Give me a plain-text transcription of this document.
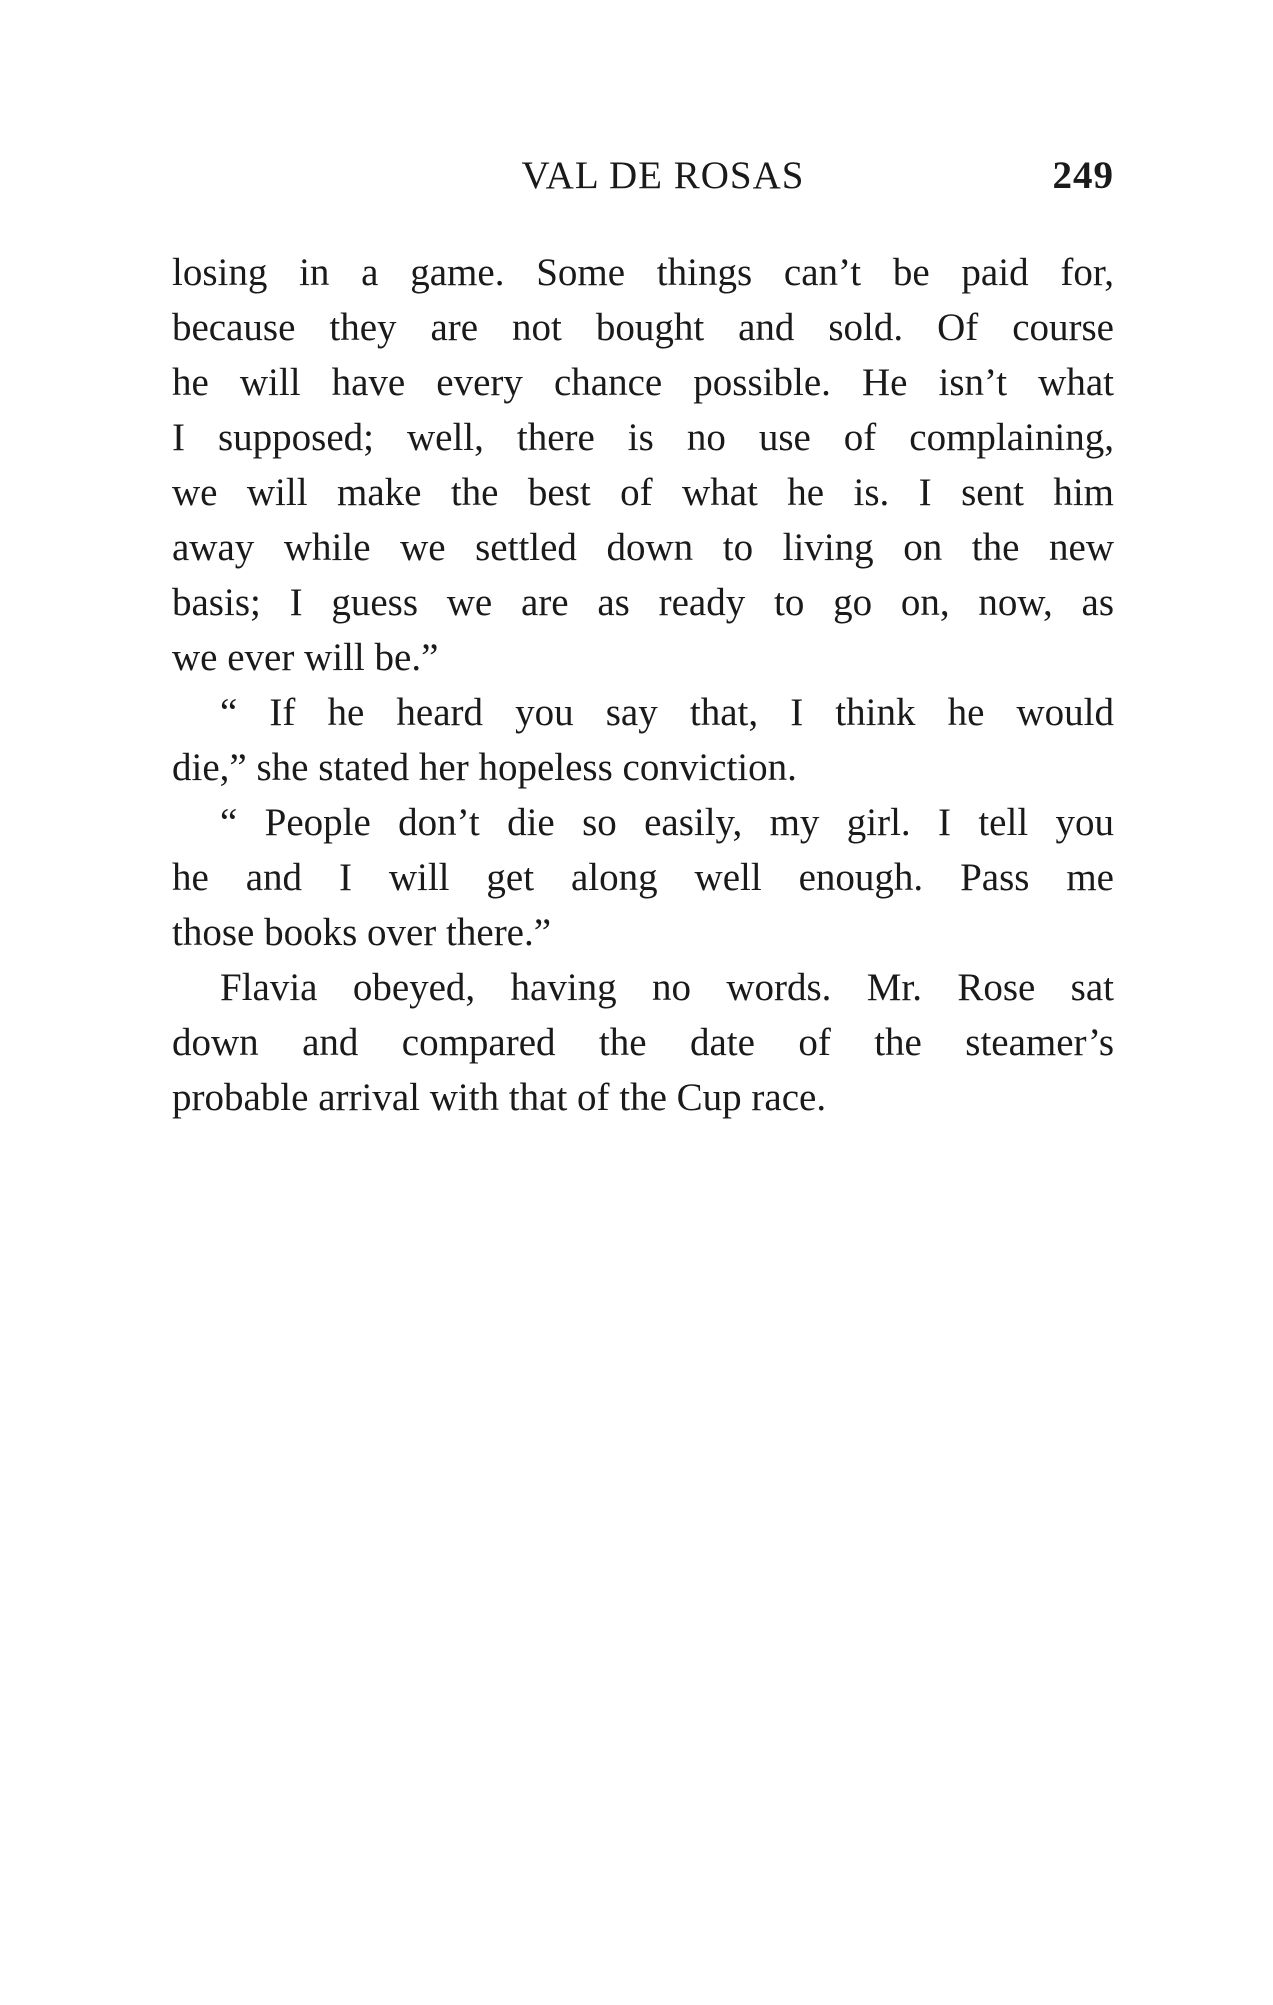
VAL DE ROSAS	249
losing in a game. Some things can’t be paid for,
because they are not bought and sold. Of course
he will have every chance possible. He isn’t what
I supposed; well, there is no use of complaining,
we will make the best of what he is. I sent him
away while we settled down to living on the new
basis; I guess we are as ready to go on, now, as
we ever will be.”
“ If he heard you say that, I think he would
die,” she stated her hopeless conviction.
“ People don’t die so easily, my girl. I tell you
he and I will get along well enough. Pass me
those books over there.”
Flavia obeyed, having no words. Mr. Rose sat
down and compared the date of the steamer’s
probable arrival with that of the Cup race.
